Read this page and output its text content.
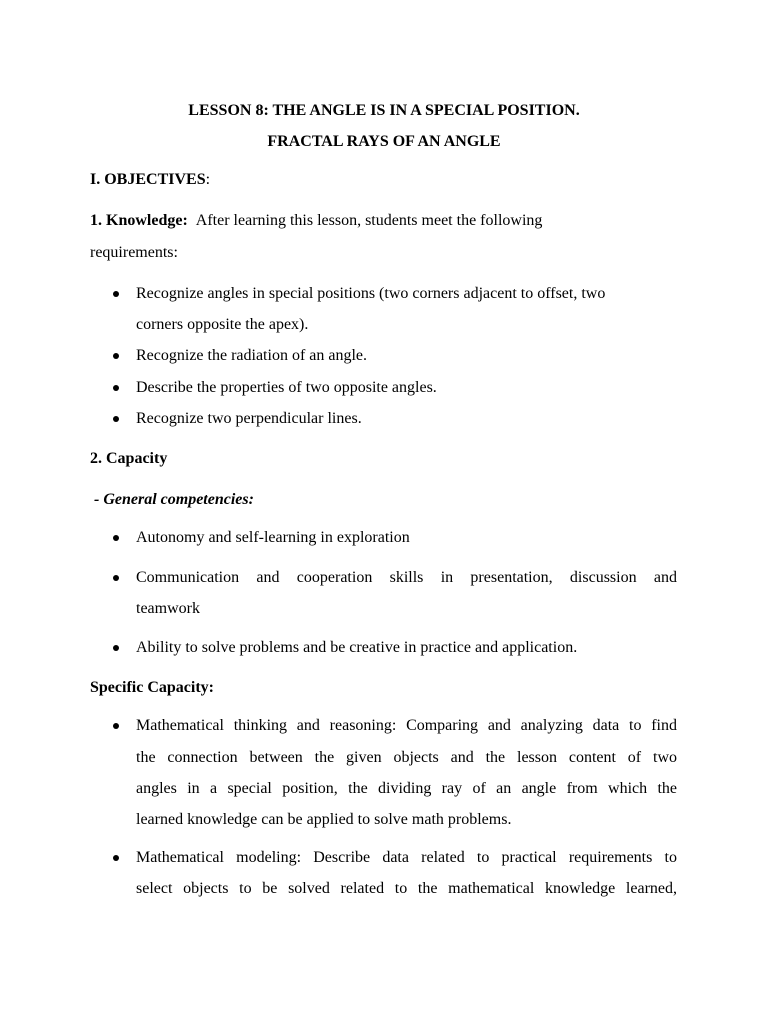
LESSON 8: THE ANGLE IS IN A SPECIAL POSITION.
FRACTAL RAYS OF AN ANGLE
I. OBJECTIVES:
1. Knowledge: After learning this lesson, students meet the following
requirements:
Recognize angles in special positions (two corners adjacent to offset, two
corners opposite the apex).
Recognize the radiation of an angle.
Describe the properties of two opposite angles.
Recognize two perpendicular lines.
2. Capacity
- General competencies:
Autonomy and self-learning in exploration
Communication and cooperation skills in presentation, discussion and
teamwork
Ability to solve problems and be creative in practice and application.
Specific Capacity:
Mathematical thinking and reasoning: Comparing and analyzing data to find
the connection between the given objects and the lesson content of two
angles in a special position, the dividing ray of an angle from which the
learned knowledge can be applied to solve math problems.
Mathematical modeling: Describe data related to practical requirements to
select objects to be solved related to the mathematical knowledge learned,
